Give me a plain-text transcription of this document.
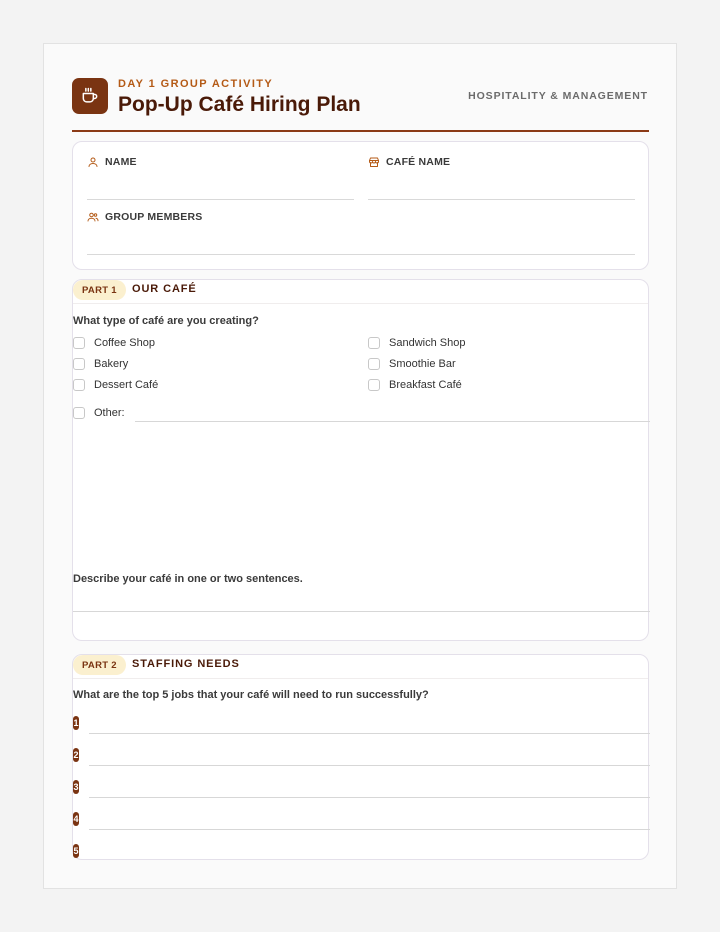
DAY 1 GROUP ACTIVITY
Pop-Up Café Hiring Plan	HOSPITALITY & MANAGEMENT
NAME	CAFÉ NAME
GROUP MEMBERS
PART 1	OUR CAFÉ
What type of café are you creating?
Coffee Shop
Bakery
Dessert Café
Sandwich Shop
Smoothie Bar
Breakfast Café
Other:
Describe your café in one or two sentences.
PART 2	STAFFING NEEDS
What are the top 5 jobs that your café will need to run successfully?
1
2
3
4
5
